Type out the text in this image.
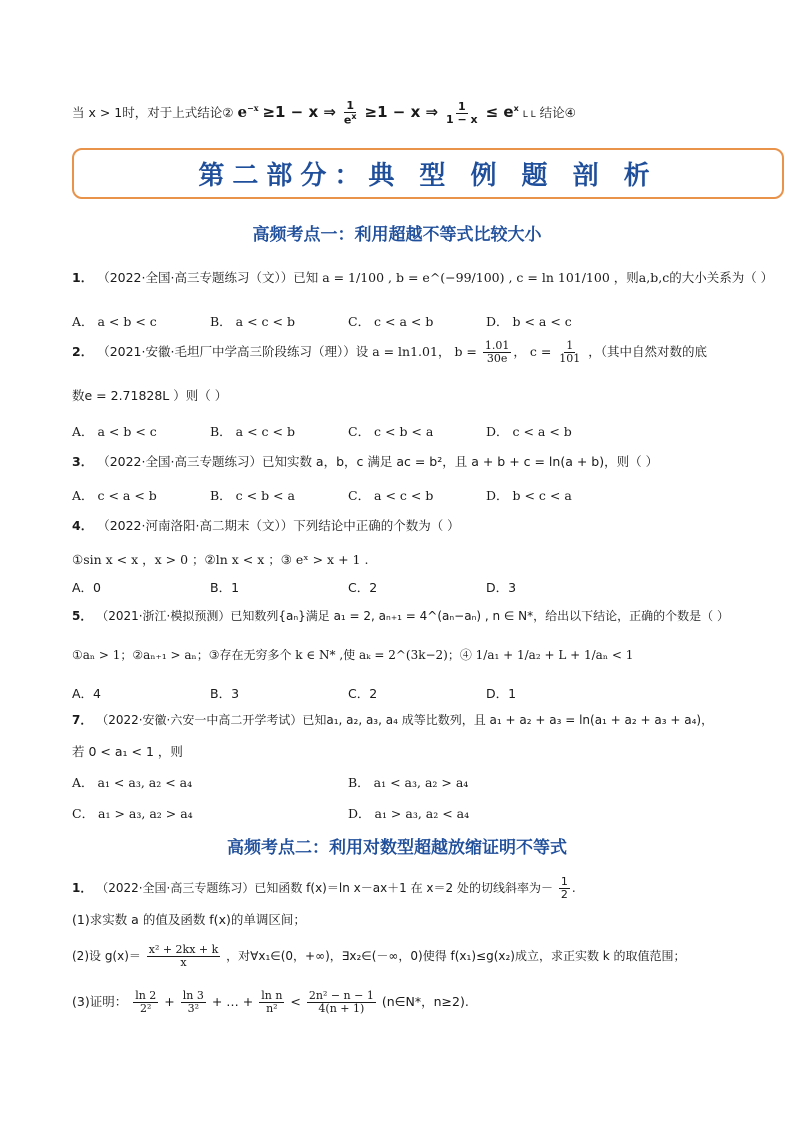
当 x > 1时，对于上式结论② $e^{-x} \ge 1 - x$ ⇒ $\frac{1}{e^x} \ge 1 - x$ ⇒ $\frac{1}{1 - x} \le e^x$ L L 结论④
第二部分：典 型 例 题 剖 析
高频考点一：利用超越不等式比较大小
1． （2022·全国·高三专题练习（文））已知 a = 1/100 , b = e^(−99/100) , c = ln 101/100 ，则a,b,c的大小关系为（ ）
A． a < b < c	B． a < c < b	C． c < a < b	D． b < a < c
2． （2021·安徽·毛坦厂中学高三阶段练习（理））设 a = ln1.01， $b = \frac{1.01}{30e}$ ， $c = \frac{1}{101}$ ，（其中自然对数的底
数e = 2.71828L ）则（ ）
A． a < b < c	B． a < c < b	C． c < b < a	D． c < a < b
3． （2022·全国·高三专题练习）已知实数 a，b，c 满足 ac = b²，且 a + b + c = ln(a + b)，则（ ）
A． c < a < b	B． c < b < a	C． a < c < b	D． b < c < a
4． （2022·河南洛阳·高二期末（文））下列结论中正确的个数为（ ）
①sin x < x ，x > 0 ；②ln x < x ；③ eˣ > x + 1 .
A．0	B．1	C．2	D．3
5． （2021·浙江·模拟预测）已知数列{aₙ}满足 a₁ = 2, aₙ₊₁ = 4^(aₙ−aₙ) , n ∈ N*，给出以下结论，正确的个数是（ ）
①aₙ > 1；②aₙ₊₁ > aₙ；③存在无穷多个 k ∈ N* ,使 aₖ = 2^(3k−2)；④ 1/a₁ + 1/a₂ + L + 1/aₙ < 1
A．4	B．3	C．2	D．1
7． （2022·安徽·六安一中高二开学考试）已知a₁, a₂, a₃, a₄ 成等比数列，且 a₁ + a₂ + a₃ = ln(a₁ + a₂ + a₃ + a₄)，
若 0 < a₁ < 1 ，则
A． a₁ < a₃, a₂ < a₄	B． a₁ < a₃, a₂ > a₄
C． a₁ > a₃, a₂ > a₄	D． a₁ > a₃, a₂ < a₄
高频考点二：利用对数型超越放缩证明不等式
1． （2022·全国·高三专题练习）已知函数 f(x)＝ln x－ax＋1 在 x＝2 处的切线斜率为－ $\frac{1}{2}$ .
(1)求实数 a 的值及函数 f(x)的单调区间；
(2)设 $g(x)= \frac{\text{x² + 2kx + k}}{x}$ ，对∀x₁∈(0，+∞)，∃x₂∈(－∞，0)使得 f(x₁)≤g(x₂)成立，求正实数 k 的取值范围；
(3)证明： $\frac{\ln 2}{\text{2²}} + \frac{\ln 3}{\text{3²}}$ + … + $\frac{\text{ln n}}{\text{n²}} < \frac{\text{2n² − n − 1}}{4(n + 1)}$ (n∈N*，n≥2).
